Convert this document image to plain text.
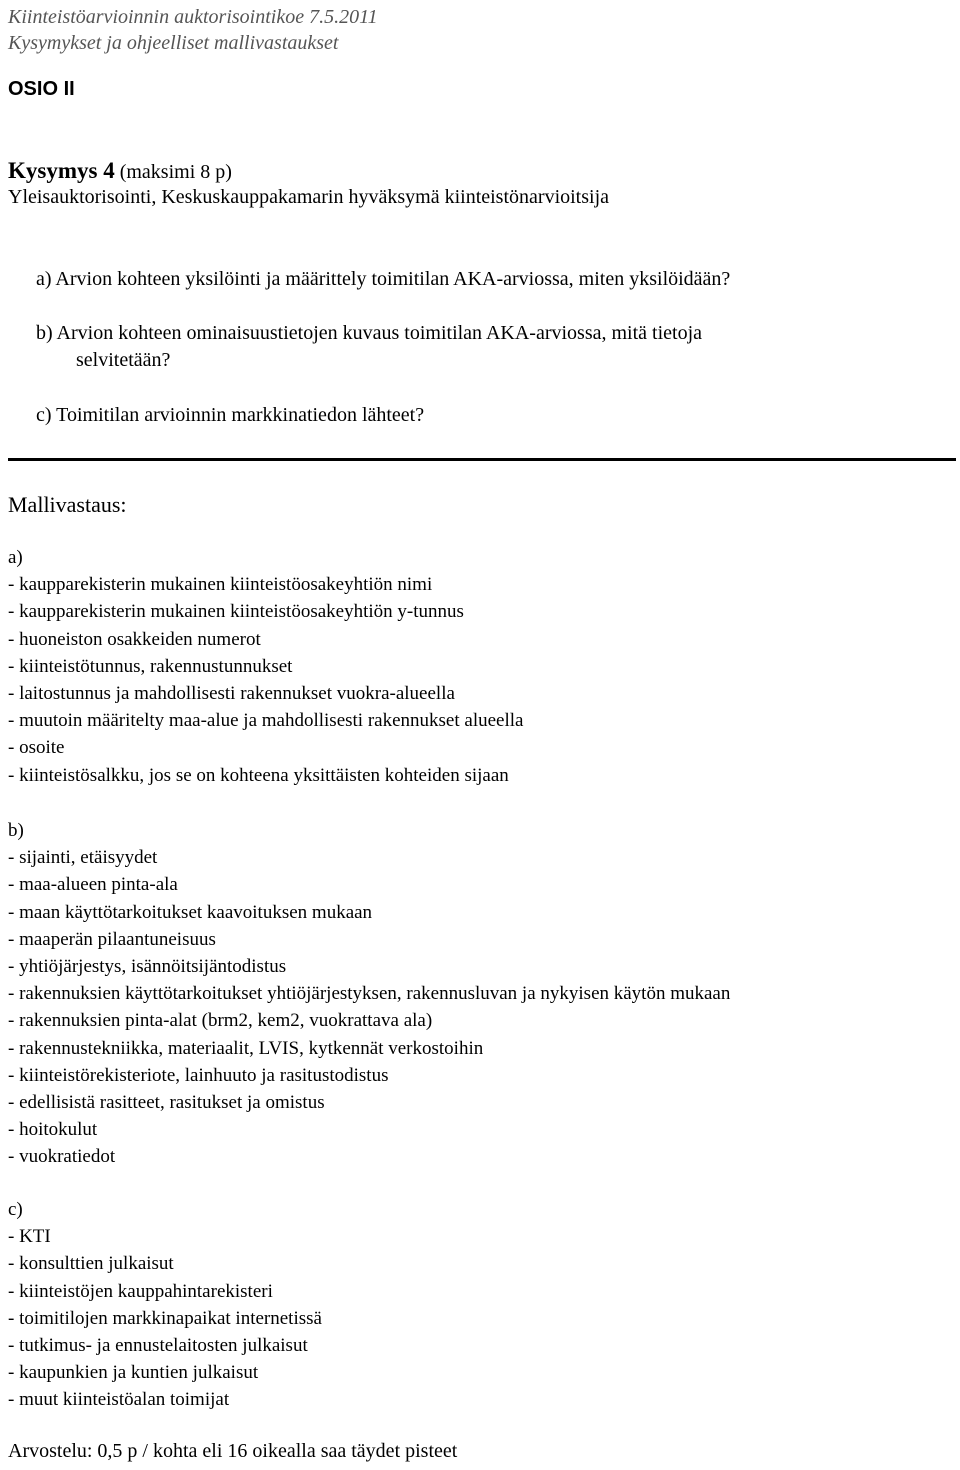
Kiinteistöarvioinnin auktorisointikoe 7.5.2011
Kysymykset ja ohjeelliset mallivastaukset
OSIO II
Kysymys 4 (maksimi 8 p)
Yleisauktorisointi, Keskuskauppakamarin hyväksymä kiinteistönarvioitsija
a) Arvion kohteen yksilöinti ja määrittely toimitilan AKA-arviossa, miten yksilöidään?
b) Arvion kohteen ominaisuustietojen kuvaus toimitilan AKA-arviossa, mitä tietoja
selvitetään?
c) Toimitilan arvioinnin markkinatiedon lähteet?
Mallivastaus:
a)
- kaupparekisterin mukainen kiinteistöosakeyhtiön nimi
- kaupparekisterin mukainen kiinteistöosakeyhtiön y-tunnus
- huoneiston osakkeiden numerot
- kiinteistötunnus, rakennustunnukset
- laitostunnus ja mahdollisesti rakennukset vuokra-alueella
- muutoin määritelty maa-alue ja mahdollisesti rakennukset alueella
- osoite
- kiinteistösalkku, jos se on kohteena yksittäisten kohteiden sijaan
b)
- sijainti, etäisyydet
- maa-alueen pinta-ala
- maan käyttötarkoitukset kaavoituksen mukaan
- maaperän pilaantuneisuus
- yhtiöjärjestys, isännöitsijäntodistus
- rakennuksien käyttötarkoitukset yhtiöjärjestyksen, rakennusluvan ja nykyisen käytön mukaan
- rakennuksien pinta-alat (brm2, kem2, vuokrattava ala)
- rakennustekniikka, materiaalit, LVIS, kytkennät verkostoihin
- kiinteistörekisteriote, lainhuuto ja rasitustodistus
- edellisistä rasitteet, rasitukset ja omistus
- hoitokulut
- vuokratiedot
c)
- KTI
- konsulttien julkaisut
- kiinteistöjen kauppahintarekisteri
- toimitilojen markkinapaikat internetissä
- tutkimus- ja ennustelaitosten julkaisut
- kaupunkien ja kuntien julkaisut
- muut kiinteistöalan toimijat
Arvostelu: 0,5 p / kohta eli 16 oikealla saa täydet pisteet
